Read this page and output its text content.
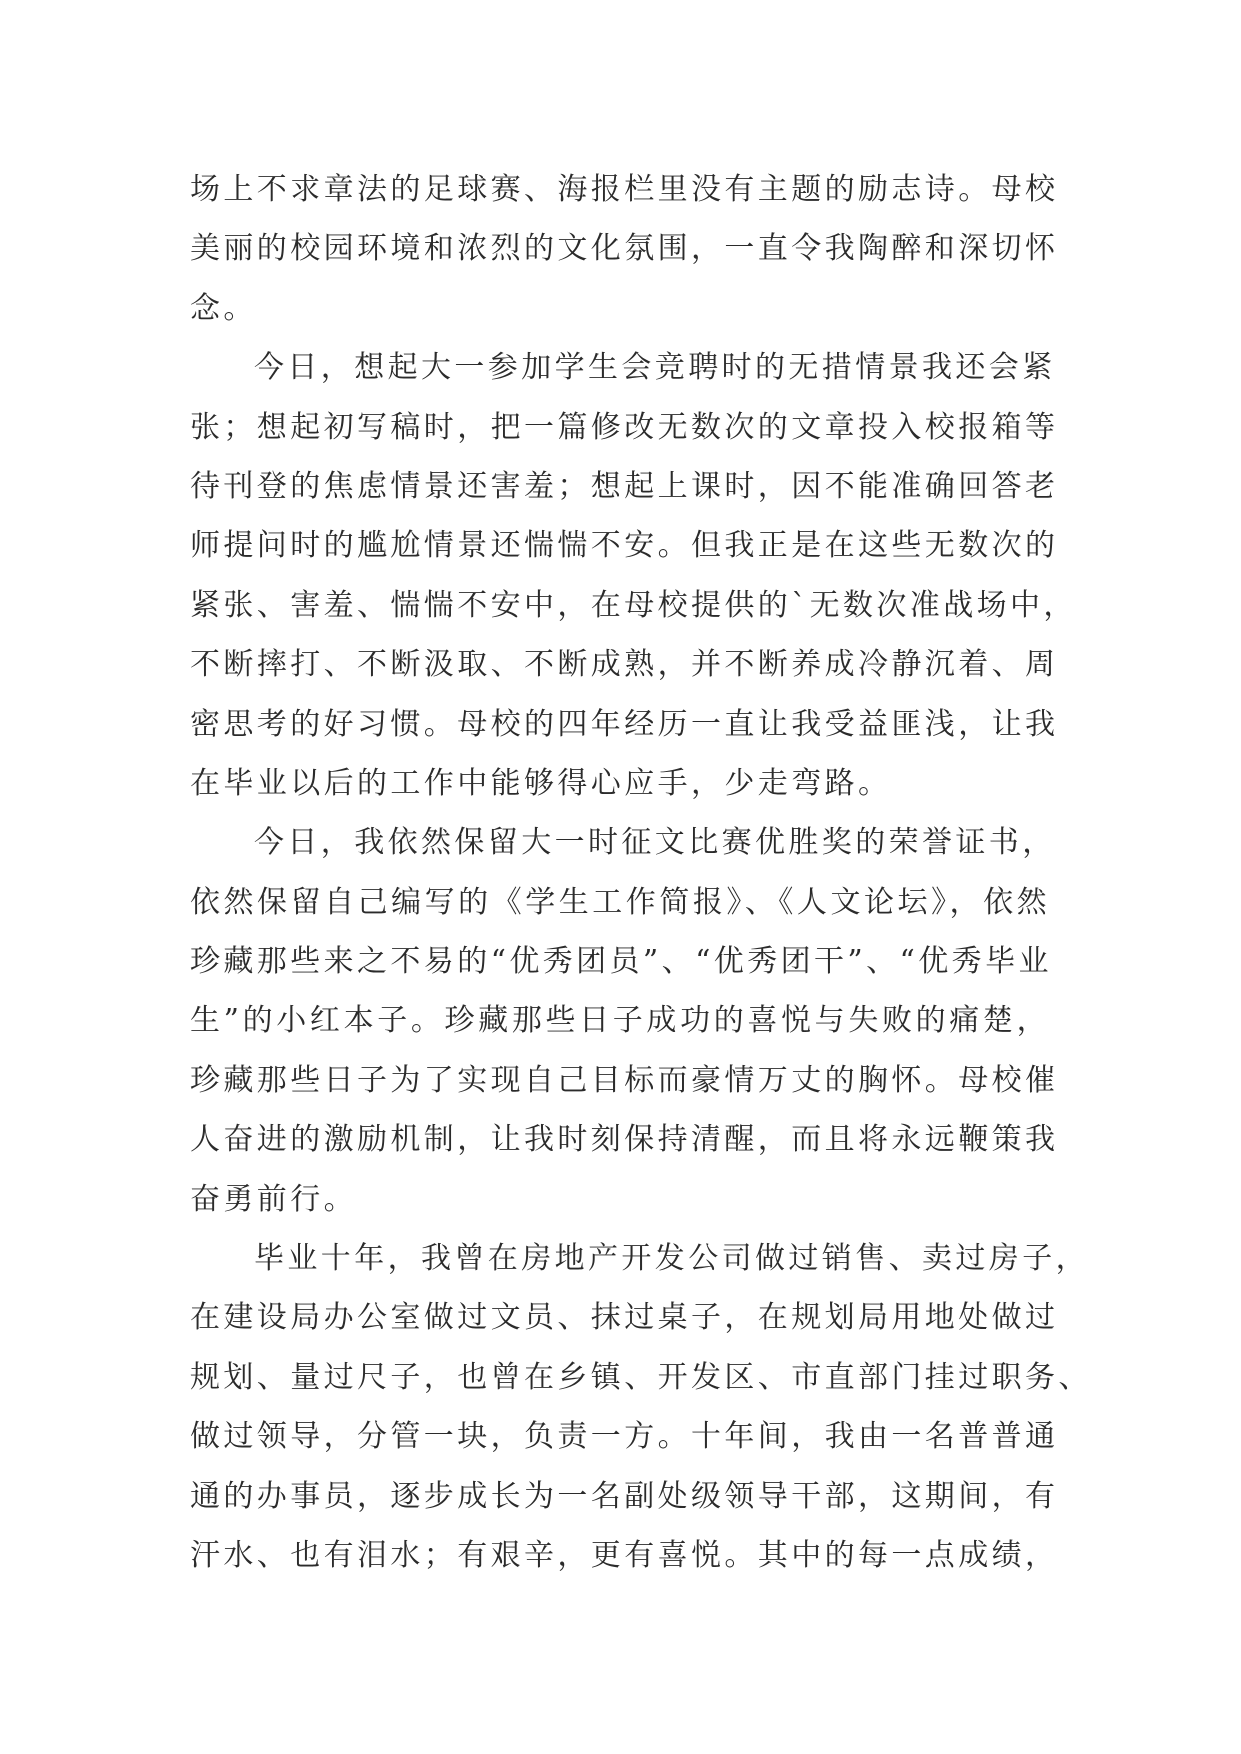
场上不求章法的足球赛、海报栏里没有主题的励志诗。母校
美丽的校园环境和浓烈的文化氛围，一直令我陶醉和深切怀
念。
今日，想起大一参加学生会竞聘时的无措情景我还会紧
张；想起初写稿时，把一篇修改无数次的文章投入校报箱等
待刊登的焦虑情景还害羞；想起上课时，因不能准确回答老
师提问时的尴尬情景还惴惴不安。但我正是在这些无数次的
紧张、害羞、惴惴不安中，在母校提供的`无数次准战场中，
不断摔打、不断汲取、不断成熟，并不断养成冷静沉着、周
密思考的好习惯。母校的四年经历一直让我受益匪浅，让我
在毕业以后的工作中能够得心应手，少走弯路。
今日，我依然保留大一时征文比赛优胜奖的荣誉证书，
依然保留自己编写的《学生工作简报》、《人文论坛》，依然
珍藏那些来之不易的“优秀团员”、“优秀团干”、“优秀毕业
生”的小红本子。珍藏那些日子成功的喜悦与失败的痛楚，
珍藏那些日子为了实现自己目标而豪情万丈的胸怀。母校催
人奋进的激励机制，让我时刻保持清醒，而且将永远鞭策我
奋勇前行。
毕业十年，我曾在房地产开发公司做过销售、卖过房子，
在建设局办公室做过文员、抹过桌子，在规划局用地处做过
规划、量过尺子，也曾在乡镇、开发区、市直部门挂过职务、
做过领导，分管一块，负责一方。十年间，我由一名普普通
通的办事员，逐步成长为一名副处级领导干部，这期间，有
汗水、也有泪水；有艰辛，更有喜悦。其中的每一点成绩，
